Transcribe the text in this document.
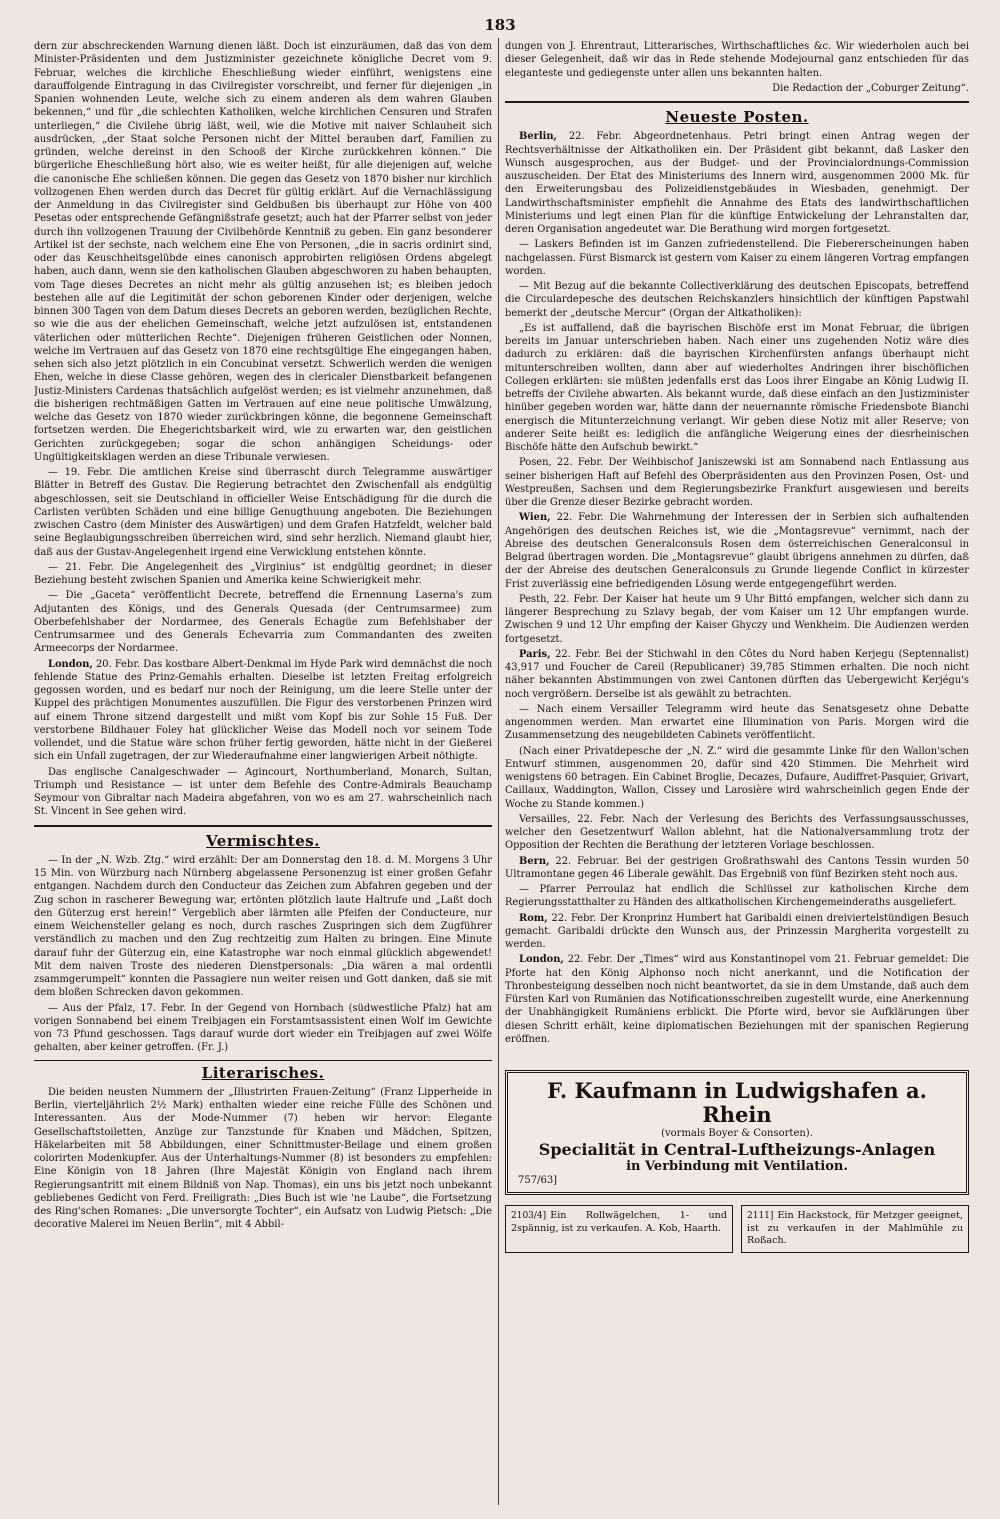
183

dern zur abschreckenden Warnung dienen läßt. Doch ist einzuräumen, daß das von dem Minister-Präsidenten und dem Justizminister gezeichnete königliche Decret vom 9. Februar, welches die kirchliche Eheschließung wieder einführt, wenigstens eine darauffolgende Eintragung in das Civilregister vorschreibt, und ferner für diejenigen „in Spanien wohnenden Leute, welche sich zu einem anderen als dem wahren Glauben bekennen,“ und für „die schlechten Katholiken, welche kirchlichen Censuren und Strafen unterliegen,“ die Civilehe übrig läßt, weil, wie die Motive mit naiver Schlauheit sich ausdrücken, „der Staat solche Personen nicht der Mittel berauben darf, Familien zu gründen, welche dereinst in den Schooß der Kirche zurückkehren können.“ Die bürgerliche Eheschließung hört also, wie es weiter heißt, für alle diejenigen auf, welche die canonische Ehe schließen können. Die gegen das Gesetz von 1870 bisher nur kirchlich vollzogenen Ehen werden durch das Decret für gültig erklärt. Auf die Vernachlässigung der Anmeldung in das Civilregister sind Geldbußen bis überhaupt zur Höhe von 400 Pesetas oder entsprechende Gefängnißstrafe gesetzt; auch hat der Pfarrer selbst von jeder durch ihn vollzogenen Trauung der Civilbehörde Kenntniß zu geben. Ein ganz besonderer Artikel ist der sechste, nach welchem eine Ehe von Personen, „die in sacris ordinirt sind, oder das Keuschheitsgelübde eines canonisch approbirten religiösen Ordens abgelegt haben, auch dann, wenn sie den katholischen Glauben abgeschworen zu haben behaupten, vom Tage dieses Decretes an nicht mehr als gültig anzusehen ist; es bleiben jedoch bestehen alle auf die Legitimität der schon geborenen Kinder oder derjenigen, welche binnen 300 Tagen von dem Datum dieses Decrets an geboren werden, bezüglichen Rechte, so wie die aus der ehelichen Gemeinschaft, welche jetzt aufzulösen ist, entstandenen väterlichen oder mütterlichen Rechte“. Diejenigen früheren Geistlichen oder Nonnen, welche im Vertrauen auf das Gesetz von 1870 eine rechtsgültige Ehe eingegangen haben, sehen sich also jetzt plötzlich in ein Concubinat versetzt. Schwerlich werden die wenigen Ehen, welche in diese Classe gehören, wegen des in clericaler Dienstbarkeit befangenen Justiz-Ministers Cardenas thatsächlich aufgelöst werden; es ist vielmehr anzunehmen, daß die bisherigen rechtmäßigen Gatten im Vertrauen auf eine neue politische Umwälzung, welche das Gesetz von 1870 wieder zurückbringen könne, die begonnene Gemeinschaft fortsetzen werden. Die Ehegerichtsbarkeit wird, wie zu erwarten war, den geistlichen Gerichten zurückgegeben; sogar die schon anhängigen Scheidungs- oder Ungültigkeitsklagen werden an diese Tribunale verwiesen.

— 19. Febr. Die amtlichen Kreise sind überrascht durch Telegramme auswärtiger Blätter in Betreff des Gustav. Die Regierung betrachtet den Zwischenfall als endgültig abgeschlossen, seit sie Deutschland in officieller Weise Entschädigung für die durch die Carlisten verübten Schäden und eine billige Genugthuung angeboten. Die Beziehungen zwischen Castro (dem Minister des Auswärtigen) und dem Grafen Hatzfeldt, welcher bald seine Beglaubigungsschreiben überreichen wird, sind sehr herzlich. Niemand glaubt hier, daß aus der Gustav-Angelegenheit irgend eine Verwicklung entstehen könnte.

— 21. Febr. Die Angelegenheit des „Virginius“ ist endgültig geordnet; in dieser Beziehung besteht zwischen Spanien und Amerika keine Schwierigkeit mehr.

— Die „Gaceta“ veröffentlicht Decrete, betreffend die Ernennung Laserna's zum Adjutanten des Königs, und des Generals Quesada (der Centrumsarmee) zum Oberbefehlshaber der Nordarmee, des Generals Echagüe zum Befehlshaber der Centrumsarmee und des Generals Echevarria zum Commandanten des zweiten Armeecorps der Nordarmee.

London, 20. Febr. Das kostbare Albert-Denkmal im Hyde Park wird demnächst die noch fehlende Statue des Prinz-Gemahls erhalten. Dieselbe ist letzten Freitag erfolgreich gegossen worden, und es bedarf nur noch der Reinigung, um die leere Stelle unter der Kuppel des prächtigen Monumentes auszufüllen. Die Figur des verstorbenen Prinzen wird auf einem Throne sitzend dargestellt und mißt vom Kopf bis zur Sohle 15 Fuß. Der verstorbene Bildhauer Foley hat glücklicher Weise das Modell noch vor seinem Tode vollendet, und die Statue wäre schon früher fertig geworden, hätte nicht in der Gießerei sich ein Unfall zugetragen, der zur Wiederaufnahme einer langwierigen Arbeit nöthigte.

Das englische Canalgeschwader — Agincourt, Northumberland, Monarch, Sultan, Triumph und Resistance — ist unter dem Befehle des Contre-Admirals Beauchamp Seymour von Gibraltar nach Madeira abgefahren, von wo es am 27. wahrscheinlich nach St. Vincent in See gehen wird.

Vermischtes.

— In der „N. Wzb. Ztg.“ wird erzählt: Der am Donnerstag den 18. d. M. Morgens 3 Uhr 15 Min. von Würzburg nach Nürnberg abgelassene Personenzug ist einer großen Gefahr entgangen. Nachdem durch den Conducteur das Zeichen zum Abfahren gegeben und der Zug schon in rascherer Bewegung war, ertönten plötzlich laute Haltrufe und „Laßt doch den Güterzug erst herein!“ Vergeblich aber lärmten alle Pfeifen der Conducteure, nur einem Weichensteller gelang es noch, durch rasches Zuspringen sich dem Zugführer verständlich zu machen und den Zug rechtzeitig zum Halten zu bringen. Eine Minute darauf fuhr der Güterzug ein, eine Katastrophe war noch einmal glücklich abgewendet! Mit dem naiven Troste des niederen Dienstpersonals: „Dia wären a mal ordentli zsammgerumpelt“ konnten die Passagiere nun weiter reisen und Gott danken, daß sie mit dem bloßen Schrecken davon gekommen.

— Aus der Pfalz, 17. Febr. In der Gegend von Hornbach (südwestliche Pfalz) hat am vorigen Sonnabend bei einem Treibjagen ein Forstamtsassistent einen Wolf im Gewichte von 73 Pfund geschossen. Tags darauf wurde dort wieder ein Treibjagen auf zwei Wölfe gehalten, aber keiner getroffen. (Fr. J.)

Literarisches.

Die beiden neusten Nummern der „Illustrirten Frauen-Zeitung“ (Franz Lipperheide in Berlin, vierteljährlich 2½ Mark) enthalten wieder eine reiche Fülle des Schönen und Interessanten. Aus der Mode-Nummer (7) heben wir hervor: Elegante Gesellschaftstoiletten, Anzüge zur Tanzstunde für Knaben und Mädchen, Spitzen, Häkelarbeiten mit 58 Abbildungen, einer Schnittmuster-Beilage und einem großen colorirten Modenkupfer. Aus der Unterhaltungs-Nummer (8) ist besonders zu empfehlen: Eine Königin von 18 Jahren (Ihre Majestät Königin von England nach ihrem Regierungsantritt mit einem Bildniß von Nap. Thomas), ein uns bis jetzt noch unbekannt gebliebenes Gedicht von Ferd. Freiligrath: „Dies Buch ist wie 'ne Laube“, die Fortsetzung des Ring'schen Romanes: „Die unversorgte Tochter“, ein Aufsatz von Ludwig Pietsch: „Die decorative Malerei im Neuen Berlin“, mit 4 Abbil-

dungen von J. Ehrentraut, Litterarisches, Wirthschaftliches &c. Wir wiederholen auch bei dieser Gelegenheit, daß wir das in Rede stehende Modejournal ganz entschieden für das eleganteste und gediegenste unter allen uns bekannten halten.

Die Redaction der „Coburger Zeitung“.

Neueste Posten.

Berlin, 22. Febr. Abgeordnetenhaus. Petri bringt einen Antrag wegen der Rechtsverhältnisse der Altkatholiken ein. Der Präsident gibt bekannt, daß Lasker den Wunsch ausgesprochen, aus der Budget- und der Provincialordnungs-Commission auszuscheiden. Der Etat des Ministeriums des Innern wird, ausgenommen 2000 Mk. für den Erweiterungsbau des Polizeidienstgebäudes in Wiesbaden, genehmigt. Der Landwirthschaftsminister empfiehlt die Annahme des Etats des landwirthschaftlichen Ministeriums und legt einen Plan für die künftige Entwickelung der Lehranstalten dar, deren Organisation angedeutet war. Die Berathung wird morgen fortgesetzt.

— Laskers Befinden ist im Ganzen zufriedenstellend. Die Fiebererscheinungen haben nachgelassen. Fürst Bismarck ist gestern vom Kaiser zu einem längeren Vortrag empfangen worden.

— Mit Bezug auf die bekannte Collectiverklärung des deutschen Episcopats, betreffend die Circulardepesche des deutschen Reichskanzlers hinsichtlich der künftigen Papstwahl bemerkt der „deutsche Mercur“ (Organ der Altkatholiken):

„Es ist auffallend, daß die bayrischen Bischöfe erst im Monat Februar, die übrigen bereits im Januar unterschrieben haben. Nach einer uns zugehenden Notiz wäre dies dadurch zu erklären: daß die bayrischen Kirchenfürsten anfangs überhaupt nicht mitunterschreiben wollten, dann aber auf wiederholtes Andringen ihrer bischöflichen Collegen erklärten: sie müßten jedenfalls erst das Loos ihrer Eingabe an König Ludwig II. betreffs der Civilehe abwarten. Als bekannt wurde, daß diese einfach an den Justizminister hinüber gegeben worden war, hätte dann der neuernannte römische Friedensbote Bianchi energisch die Mitunterzeichnung verlangt. Wir geben diese Notiz mit aller Reserve; von anderer Seite heißt es: lediglich die anfängliche Weigerung eines der diesrheinischen Bischöfe hätte den Aufschub bewirkt.“

Posen, 22. Febr. Der Weihbischof Janiszewski ist am Sonnabend nach Entlassung aus seiner bisherigen Haft auf Befehl des Oberpräsidenten aus den Provinzen Posen, Ost- und Westpreußen, Sachsen und dem Regierungsbezirke Frankfurt ausgewiesen und bereits über die Grenze dieser Bezirke gebracht worden.

Wien, 22. Febr. Die Wahrnehmung der Interessen der in Serbien sich aufhaltenden Angehörigen des deutschen Reiches ist, wie die „Montagsrevue“ vernimmt, nach der Abreise des deutschen Generalconsuls Rosen dem österreichischen Generalconsul in Belgrad übertragen worden. Die „Montagsrevue“ glaubt übrigens annehmen zu dürfen, daß der der Abreise des deutschen Generalconsuls zu Grunde liegende Conflict in kürzester Frist zuverlässig eine befriedigenden Lösung werde entgegengeführt werden.

Pesth, 22. Febr. Der Kaiser hat heute um 9 Uhr Bittó empfangen, welcher sich dann zu längerer Besprechung zu Szlavy begab, der vom Kaiser um 12 Uhr empfangen wurde. Zwischen 9 und 12 Uhr empfing der Kaiser Ghyczy und Wenkheim. Die Audienzen werden fortgesetzt.

Paris, 22. Febr. Bei der Stichwahl in den Côtes du Nord haben Kerjegu (Septennalist) 43,917 und Foucher de Careil (Republicaner) 39,785 Stimmen erhalten. Die noch nicht näher bekannten Abstimmungen von zwei Cantonen dürften das Uebergewicht Kerjégu's noch vergrößern. Derselbe ist als gewählt zu betrachten.

— Nach einem Versailler Telegramm wird heute das Senatsgesetz ohne Debatte angenommen werden. Man erwartet eine Illumination von Paris. Morgen wird die Zusammensetzung des neugebildeten Cabinets veröffentlicht.

(Nach einer Privatdepesche der „N. Z.“ wird die gesammte Linke für den Wallon'schen Entwurf stimmen, ausgenommen 20, dafür sind 420 Stimmen. Die Mehrheit wird wenigstens 60 betragen. Ein Cabinet Broglie, Decazes, Dufaure, Audiffret-Pasquier, Grivart, Caillaux, Waddington, Wallon, Cissey und Larosière wird wahrscheinlich gegen Ende der Woche zu Stande kommen.)

Versailles, 22. Febr. Nach der Verlesung des Berichts des Verfassungsausschusses, welcher den Gesetzentwurf Wallon ablehnt, hat die Nationalversammlung trotz der Opposition der Rechten die Berathung der letzteren Vorlage beschlossen.

Bern, 22. Februar. Bei der gestrigen Großrathswahl des Cantons Tessin wurden 50 Ultramontane gegen 46 Liberale gewählt. Das Ergebniß von fünf Bezirken steht noch aus.

— Pfarrer Perroulaz hat endlich die Schlüssel zur katholischen Kirche dem Regierungsstatthalter zu Händen des altkatholischen Kirchengemeinderaths ausgeliefert.

Rom, 22. Febr. Der Kronprinz Humbert hat Garibaldi einen dreiviertelstündigen Besuch gemacht. Garibaldi drückte den Wunsch aus, der Prinzessin Margherita vorgestellt zu werden.

London, 22. Febr. Der „Times“ wird aus Konstantinopel vom 21. Februar gemeldet: Die Pforte hat den König Alphonso noch nicht anerkannt, und die Notification der Thronbesteigung desselben noch nicht beantwortet, da sie in dem Umstande, daß auch dem Fürsten Karl von Rumänien das Notificationsschreiben zugestellt wurde, eine Anerkennung der Unabhängigkeit Rumäniens erblickt. Die Pforte wird, bevor sie Aufklärungen über diesen Schritt erhält, keine diplomatischen Beziehungen mit der spanischen Regierung eröffnen.

F. Kaufmann in Ludwigshafen a. Rhein
(vormals Boyer & Consorten).
Specialität in Central-Luftheizungs-Anlagen
in Verbindung mit Ventilation.
757/63]
2103/4] Ein Rollwägelchen, 1- und 2spännig, ist zu verkaufen. A. Kob, Haarth.
2111] Ein Hackstock, für Metzger geeignet, ist zu verkaufen in der Mahlmühle zu Roßach.
